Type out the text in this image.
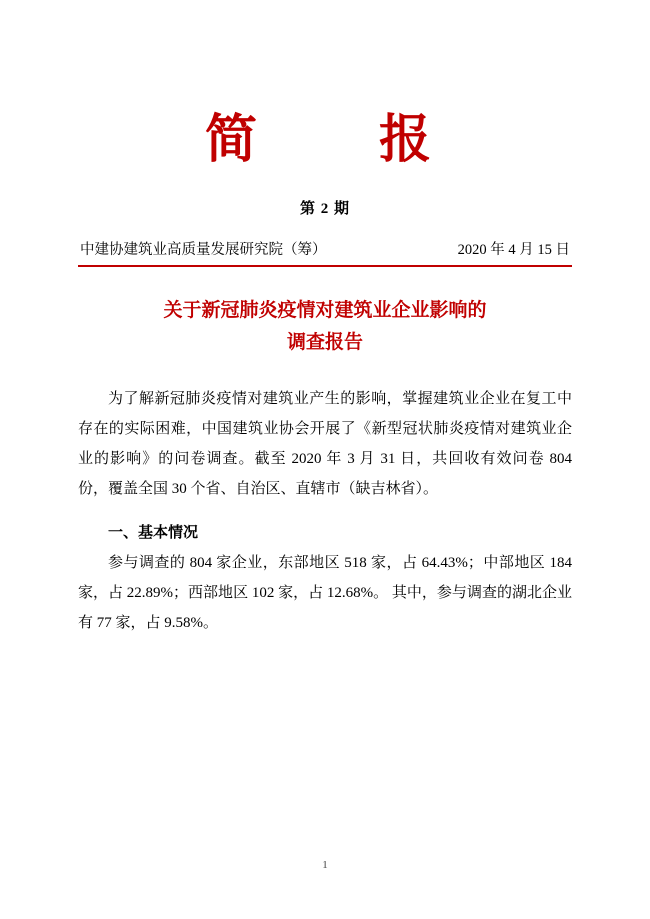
简    报
第 2 期
中建协建筑业高质量发展研究院（筹）	2020 年 4 月 15 日
关于新冠肺炎疫情对建筑业企业影响的
调查报告

为了解新冠肺炎疫情对建筑业产生的影响，掌握建筑业企业在复工中存在的实际困难，中国建筑业协会开展了《新型冠状肺炎疫情对建筑业企业的影响》的问卷调查。截至 2020 年 3 月 31 日，共回收有效问卷 804 份，覆盖全国 30 个省、自治区、直辖市（缺吉林省）。

一、基本情况

参与调查的 804 家企业，东部地区 518 家，占 64.43%；中部地区 184 家，占 22.89%；西部地区 102 家，占 12.68%。 其中，参与调查的湖北企业有 77 家，占 9.58%。

1
